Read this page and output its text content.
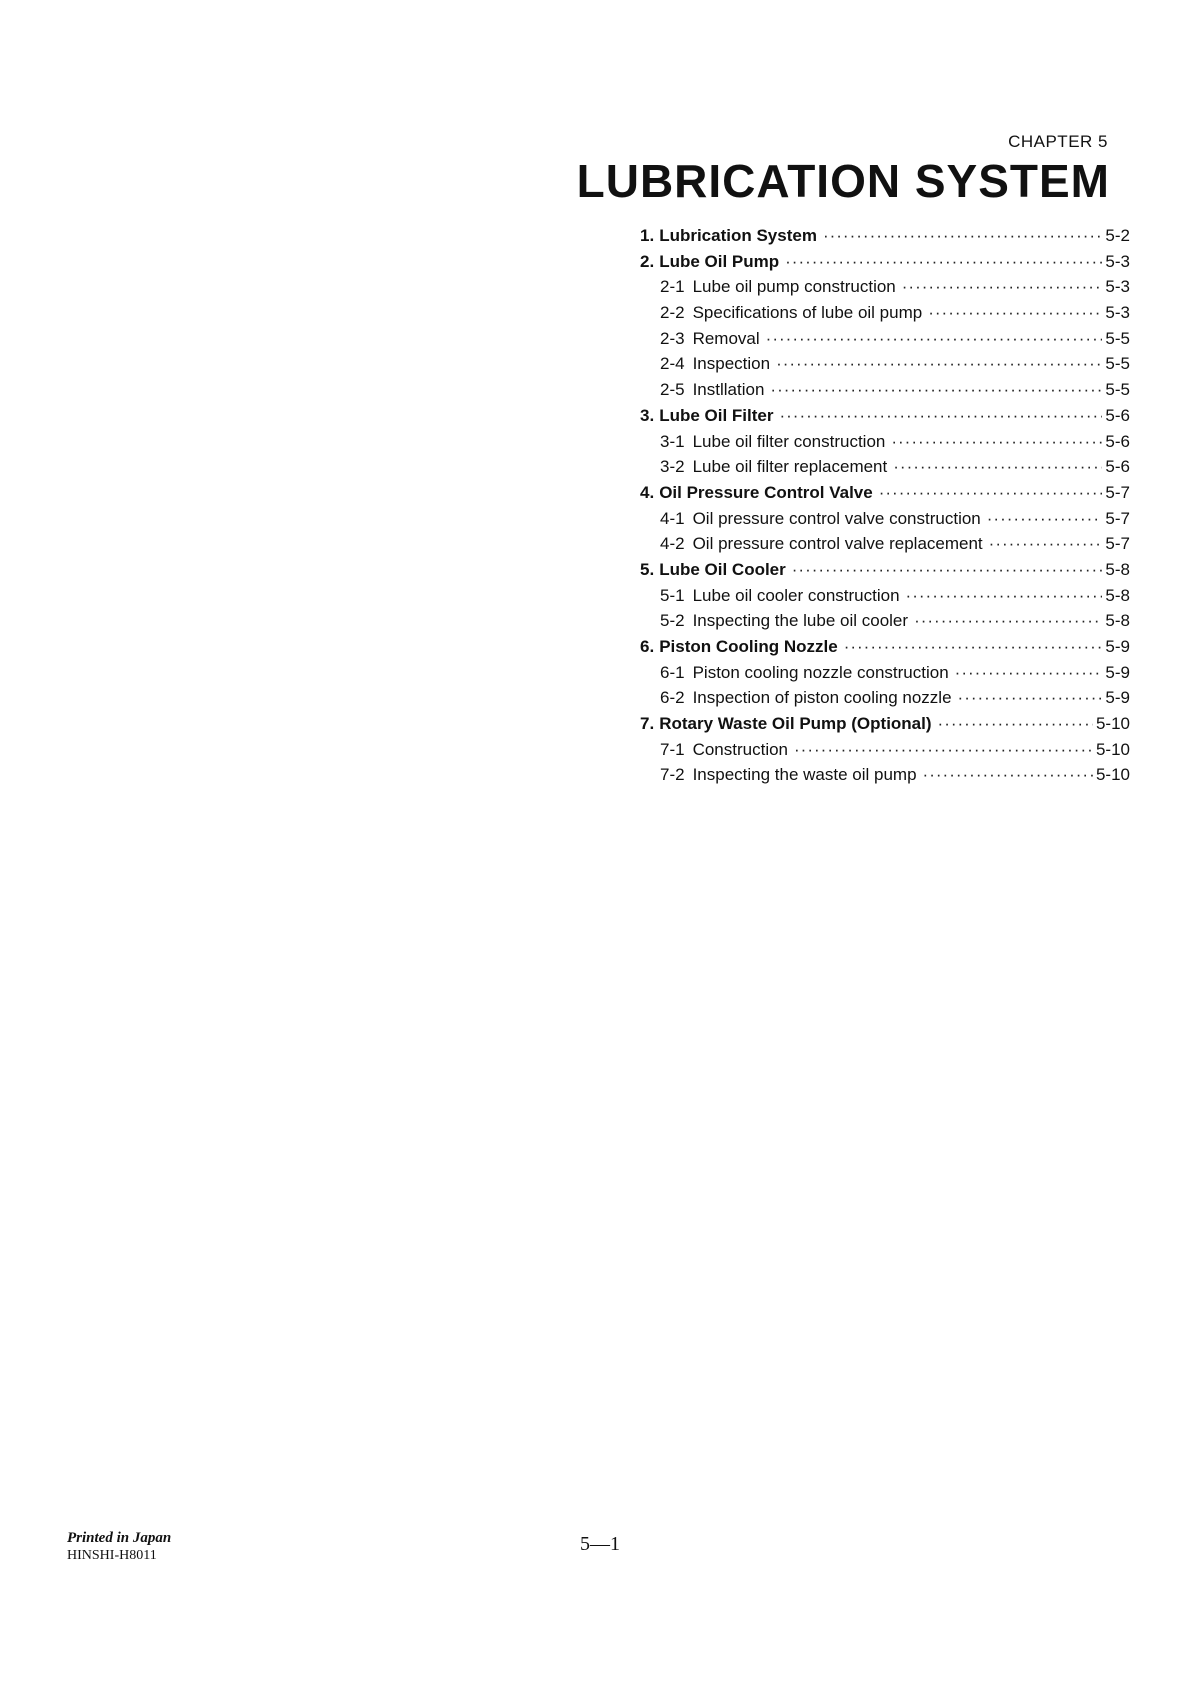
CHAPTER 5
LUBRICATION SYSTEM
1. Lubrication System ·····	5-2
2. Lube Oil Pump ·····	5-3
2-1 Lube oil pump construction ·····	5-3
2-2 Specifications of lube oil pump ·····	5-3
2-3 Removal ·····	5-5
2-4 Inspection ·····	5-5
2-5 Instllation ·····	5-5
3. Lube Oil Filter ·····	5-6
3-1 Lube oil filter construction ·····	5-6
3-2 Lube oil filter replacement ·····	5-6
4. Oil Pressure Control Valve ·····	5-7
4-1 Oil pressure control valve construction ·····	5-7
4-2 Oil pressure control valve replacement ·····	5-7
5. Lube Oil Cooler ·····	5-8
5-1 Lube oil cooler construction ·····	5-8
5-2 Inspecting the lube oil cooler ·····	5-8
6. Piston Cooling Nozzle ·····	5-9
6-1 Piston cooling nozzle construction ·····	5-9
6-2 Inspection of piston cooling nozzle ·····	5-9
7. Rotary Waste Oil Pump (Optional) ·····	5-10
7-1 Construction ·····	5-10
7-2 Inspecting the waste oil pump ·····	5-10
Printed in Japan
HINSHI-H8011
5—1
